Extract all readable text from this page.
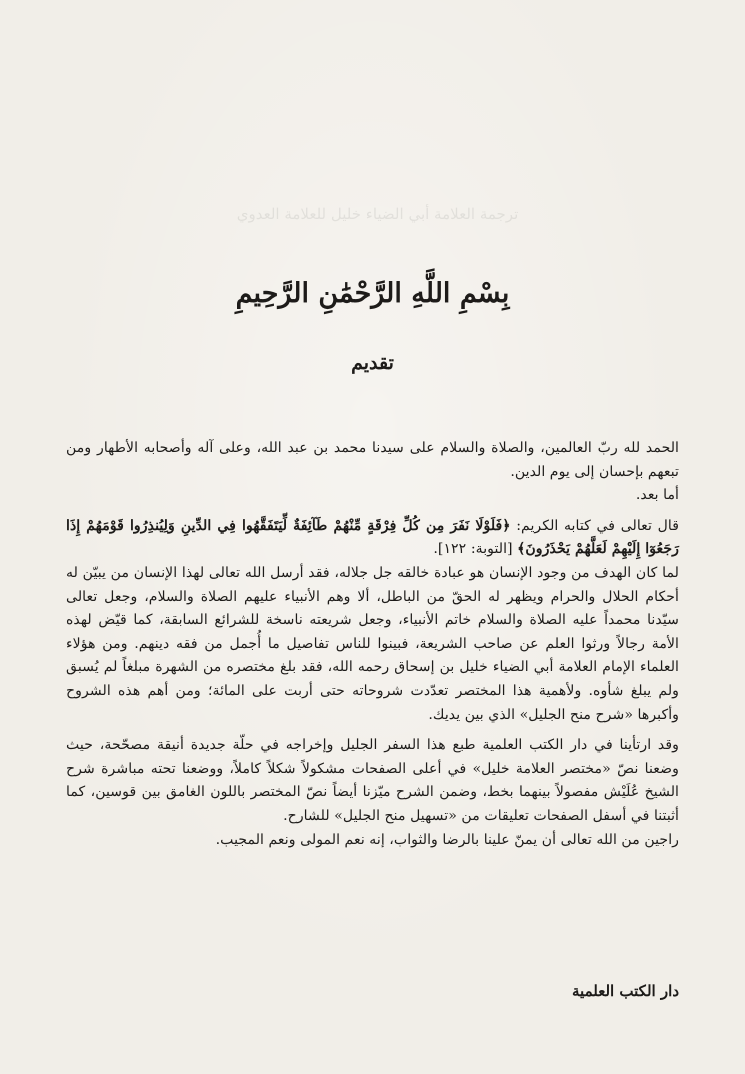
ترجمة العلامة أبي الضياء خليل للعلامة العدوي
بِسْمِ اللَّهِ الرَّحْمَٰنِ الرَّحِيمِ
تقديم

الحمد لله ربّ العالمين، والصلاة والسلام على سيدنا محمد بن عبد الله، وعلى آله وأصحابه الأطهار ومن تبعهم بإحسان إلى يوم الدين.

أما بعد.

قال تعالى في كتابه الكريم: ﴿فَلَوْلَا نَفَرَ مِن كُلِّ فِرْقَةٍ مِّنْهُمْ طَآئِفَةٌ لِّيَتَفَقَّهُوا فِي الدِّينِ وَلِيُنذِرُوا قَوْمَهُمْ إِذَا رَجَعُوٓا إِلَيْهِمْ لَعَلَّهُمْ يَحْذَرُونَ﴾ [التوبة: ١٢٢].

لما كان الهدف من وجود الإنسان هو عبادة خالقه جل جلاله، فقد أرسل الله تعالى لهذا الإنسان من يبيّن له أحكام الحلال والحرام ويظهر له الحقّ من الباطل، ألا وهم الأنبياء عليهم الصلاة والسلام، وجعل تعالى سيّدنا محمداً عليه الصلاة والسلام خاتم الأنبياء، وجعل شريعته ناسخة للشرائع السابقة، كما قيّض لهذه الأمة رجالاً ورثوا العلم عن صاحب الشريعة، فبينوا للناس تفاصيل ما أُجمل من فقه دينهم. ومن هؤلاء العلماء الإمام العلامة أبي الضياء خليل بن إسحاق رحمه الله، فقد بلغ مختصره من الشهرة مبلغاً لم يُسبق ولم يبلغ شأوه. ولأهمية هذا المختصر تعدّدت شروحاته حتى أربت على المائة؛ ومن أهم هذه الشروح وأكبرها «شرح منح الجليل» الذي بين يديك.

وقد ارتأينا في دار الكتب العلمية طبع هذا السفر الجليل وإخراجه في حلّة جديدة أنيقة مصحّحة، حيث وضعنا نصّ «مختصر العلامة خليل» في أعلى الصفحات مشكولاً شكلاً كاملاً، ووضعنا تحته مباشرة شرح الشيخ عُلَيْش مفصولاً بينهما بخط، وضمن الشرح ميّزنا أيضاً نصّ المختصر باللون الغامق بين قوسين، كما أثبتنا في أسفل الصفحات تعليقات من «تسهيل منح الجليل» للشارح.

راجين من الله تعالى أن يمنّ علينا بالرضا والثواب، إنه نعم المولى ونعم المجيب.

دار الكتب العلمية
